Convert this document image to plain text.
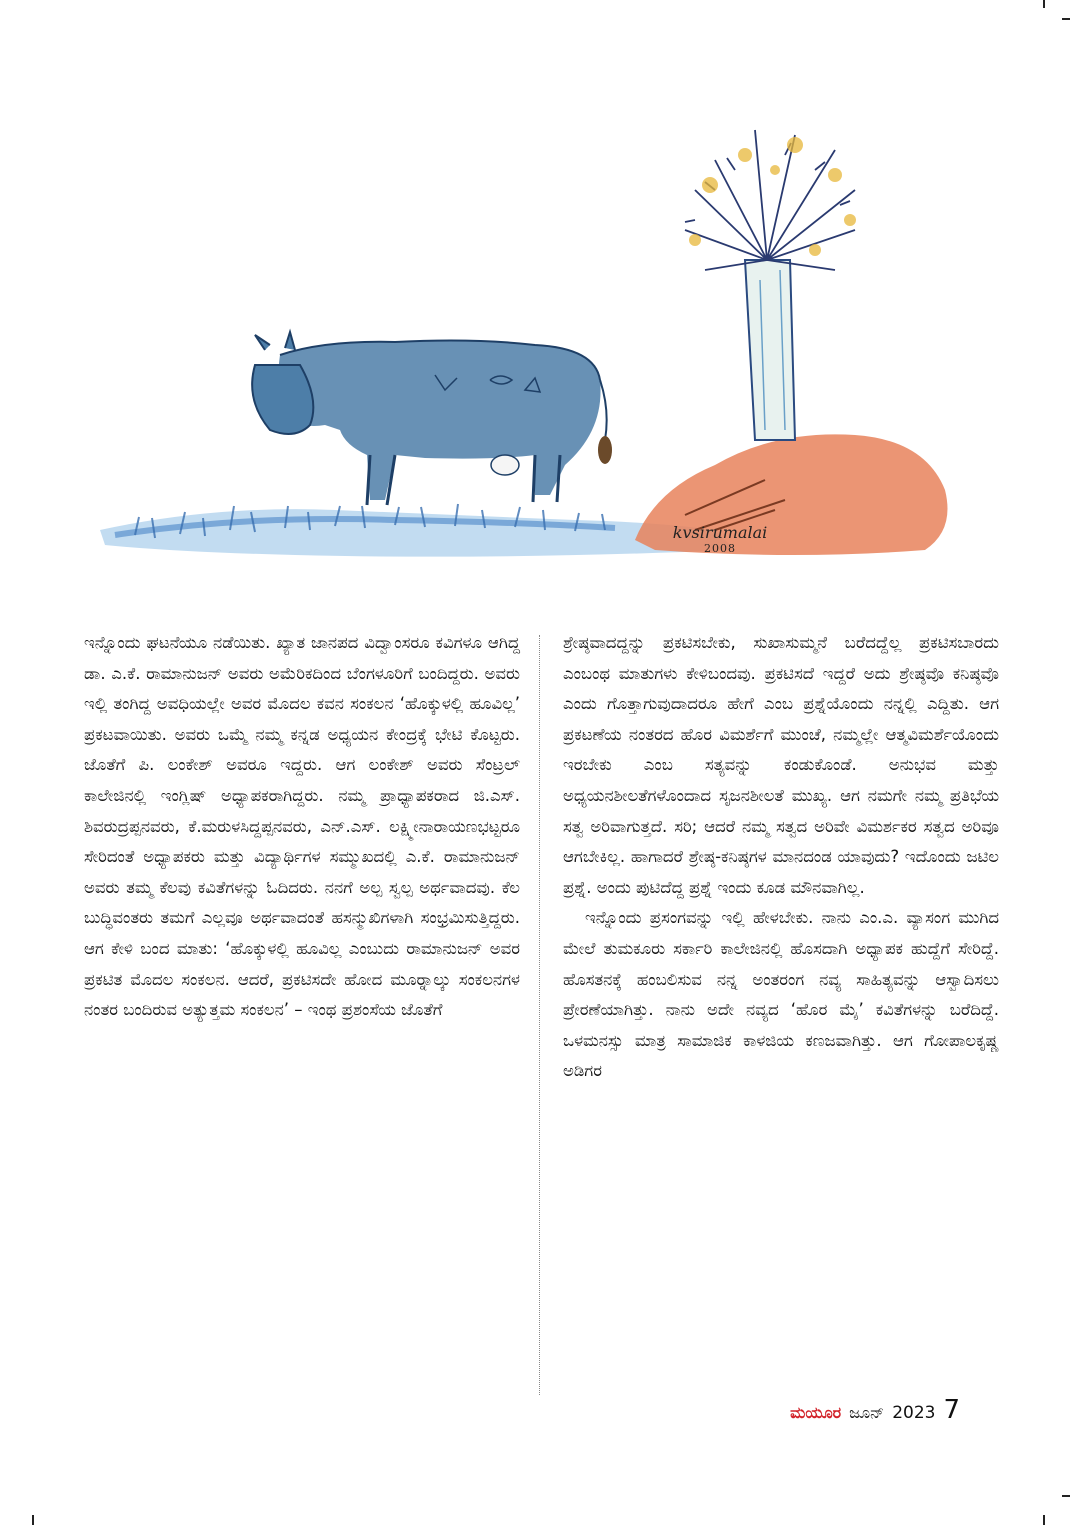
kvsirumalai
2008

ಇನ್ನೊಂದು ಘಟನೆಯೂ ನಡೆಯಿತು. ಖ್ಯಾತ ಜಾನಪದ ವಿದ್ವಾಂಸರೂ ಕವಿಗಳೂ ಆಗಿದ್ದ ಡಾ. ಎ.ಕೆ. ರಾಮಾನುಜನ್ ಅವರು ಅಮೆರಿಕದಿಂದ ಬೆಂಗಳೂರಿಗೆ ಬಂದಿದ್ದರು. ಅವರು ಇಲ್ಲಿ ತಂಗಿದ್ದ ಅವಧಿಯಲ್ಲೇ ಅವರ ಮೊದಲ ಕವನ ಸಂಕಲನ ‘ಹೊಕ್ಕುಳಲ್ಲಿ ಹೂವಿಲ್ಲ’ ಪ್ರಕಟವಾಯಿತು. ಅವರು ಒಮ್ಮೆ ನಮ್ಮ ಕನ್ನಡ ಅಧ್ಯಯನ ಕೇಂದ್ರಕ್ಕೆ ಭೇಟಿ ಕೊಟ್ಟರು. ಜೊತೆಗೆ ಪಿ. ಲಂಕೇಶ್ ಅವರೂ ಇದ್ದರು. ಆಗ ಲಂಕೇಶ್ ಅವರು ಸೆಂಟ್ರಲ್ ಕಾಲೇಜಿನಲ್ಲಿ ಇಂಗ್ಲಿಷ್ ಅಧ್ಯಾಪಕರಾಗಿದ್ದರು. ನಮ್ಮ ಪ್ರಾಧ್ಯಾಪಕರಾದ ಜಿ.ಎಸ್. ಶಿವರುದ್ರಪ್ಪನವರು, ಕೆ.ಮರುಳಸಿದ್ದಪ್ಪನವರು, ಎನ್.ಎಸ್. ಲಕ್ಷ್ಮೀನಾರಾಯಣಭಟ್ಟರೂ ಸೇರಿದಂತೆ ಅಧ್ಯಾಪಕರು ಮತ್ತು ವಿದ್ಯಾರ್ಥಿಗಳ ಸಮ್ಮುಖದಲ್ಲಿ ಎ.ಕೆ. ರಾಮಾನುಜನ್ ಅವರು ತಮ್ಮ ಕೆಲವು ಕವಿತೆಗಳನ್ನು ಓದಿದರು. ನನಗೆ ಅಲ್ಪ ಸ್ವಲ್ಪ ಅರ್ಥವಾದವು. ಕೆಲ ಬುದ್ಧಿವಂತರು ತಮಗೆ ಎಲ್ಲವೂ ಅರ್ಥವಾದಂತೆ ಹಸನ್ಮುಖಿಗಳಾಗಿ ಸಂಭ್ರಮಿಸುತ್ತಿದ್ದರು. ಆಗ ಕೇಳಿ ಬಂದ ಮಾತು: ‘ಹೊಕ್ಕುಳಲ್ಲಿ ಹೂವಿಲ್ಲ ಎಂಬುದು ರಾಮಾನುಜನ್ ಅವರ ಪ್ರಕಟಿತ ಮೊದಲ ಸಂಕಲನ. ಆದರೆ, ಪ್ರಕಟಿಸದೇ ಹೋದ ಮೂರ್‍ನಾಲ್ಕು ಸಂಕಲನಗಳ ನಂತರ ಬಂದಿರುವ ಅತ್ಯುತ್ತಮ ಸಂಕಲನ’ – ಇಂಥ ಪ್ರಶಂಸೆಯ ಜೊತೆಗೆ

ಶ್ರೇಷ್ಠವಾದದ್ದನ್ನು ಪ್ರಕಟಿಸಬೇಕು, ಸುಖಾಸುಮ್ಮನೆ ಬರೆದದ್ದೆಲ್ಲ ಪ್ರಕಟಿಸಬಾರದು ಎಂಬಂಥ ಮಾತುಗಳು ಕೇಳಿಬಂದವು. ಪ್ರಕಟಿಸದೆ ಇದ್ದರೆ ಅದು ಶ್ರೇಷ್ಠವೊ ಕನಿಷ್ಠವೊ ಎಂದು ಗೊತ್ತಾಗುವುದಾದರೂ ಹೇಗೆ ಎಂಬ ಪ್ರಶ್ನೆಯೊಂದು ನನ್ನಲ್ಲಿ ಎದ್ದಿತು. ಆಗ ಪ್ರಕಟಣೆಯ ನಂತರದ ಹೊರ ವಿಮರ್ಶೆಗೆ ಮುಂಚೆ, ನಮ್ಮಲ್ಲೇ ಆತ್ಮವಿಮರ್ಶೆಯೊಂದು ಇರಬೇಕು ಎಂಬ ಸತ್ಯವನ್ನು ಕಂಡುಕೊಂಡೆ. ಅನುಭವ ಮತ್ತು ಅಧ್ಯಯನಶೀಲತೆಗಳೊಂದಾದ ಸೃಜನಶೀಲತೆ ಮುಖ್ಯ. ಆಗ ನಮಗೇ ನಮ್ಮ ಪ್ರತಿಭೆಯ ಸತ್ವ ಅರಿವಾಗುತ್ತದೆ. ಸರಿ; ಆದರೆ ನಮ್ಮ ಸತ್ವದ ಅರಿವೇ ವಿಮರ್ಶಕರ ಸತ್ವದ ಅರಿವೂ ಆಗಬೇಕಿಲ್ಲ. ಹಾಗಾದರೆ ಶ್ರೇಷ್ಠ-ಕನಿಷ್ಠಗಳ ಮಾನದಂಡ ಯಾವುದು? ಇದೊಂದು ಜಟಿಲ ಪ್ರಶ್ನೆ. ಅಂದು ಪುಟಿದೆದ್ದ ಪ್ರಶ್ನೆ ಇಂದು ಕೂಡ ಮೌನವಾಗಿಲ್ಲ.

ಇನ್ನೊಂದು ಪ್ರಸಂಗವನ್ನು ಇಲ್ಲಿ ಹೇಳಬೇಕು. ನಾನು ಎಂ.ಎ. ವ್ಯಾಸಂಗ ಮುಗಿದ ಮೇಲೆ ತುಮಕೂರು ಸರ್ಕಾರಿ ಕಾಲೇಜಿನಲ್ಲಿ ಹೊಸದಾಗಿ ಅಧ್ಯಾಪಕ ಹುದ್ದೆಗೆ ಸೇರಿದ್ದೆ. ಹೊಸತನಕ್ಕೆ ಹಂಬಲಿಸುವ ನನ್ನ ಅಂತರಂಗ ನವ್ಯ ಸಾಹಿತ್ಯವನ್ನು ಆಸ್ವಾದಿಸಲು ಪ್ರೇರಣೆಯಾಗಿತ್ತು. ನಾನು ಅದೇ ನವ್ಯದ ‘ಹೊರ ಮೈ’ ಕವಿತೆಗಳನ್ನು ಬರೆದಿದ್ದೆ. ಒಳಮನಸ್ಸು ಮಾತ್ರ ಸಾಮಾಜಿಕ ಕಾಳಜಿಯ ಕಣಜವಾಗಿತ್ತು. ಆಗ ಗೋಪಾಲಕೃಷ್ಣ ಅಡಿಗರ

ಮಯೂರ ಜೂನ್ 2023 7
